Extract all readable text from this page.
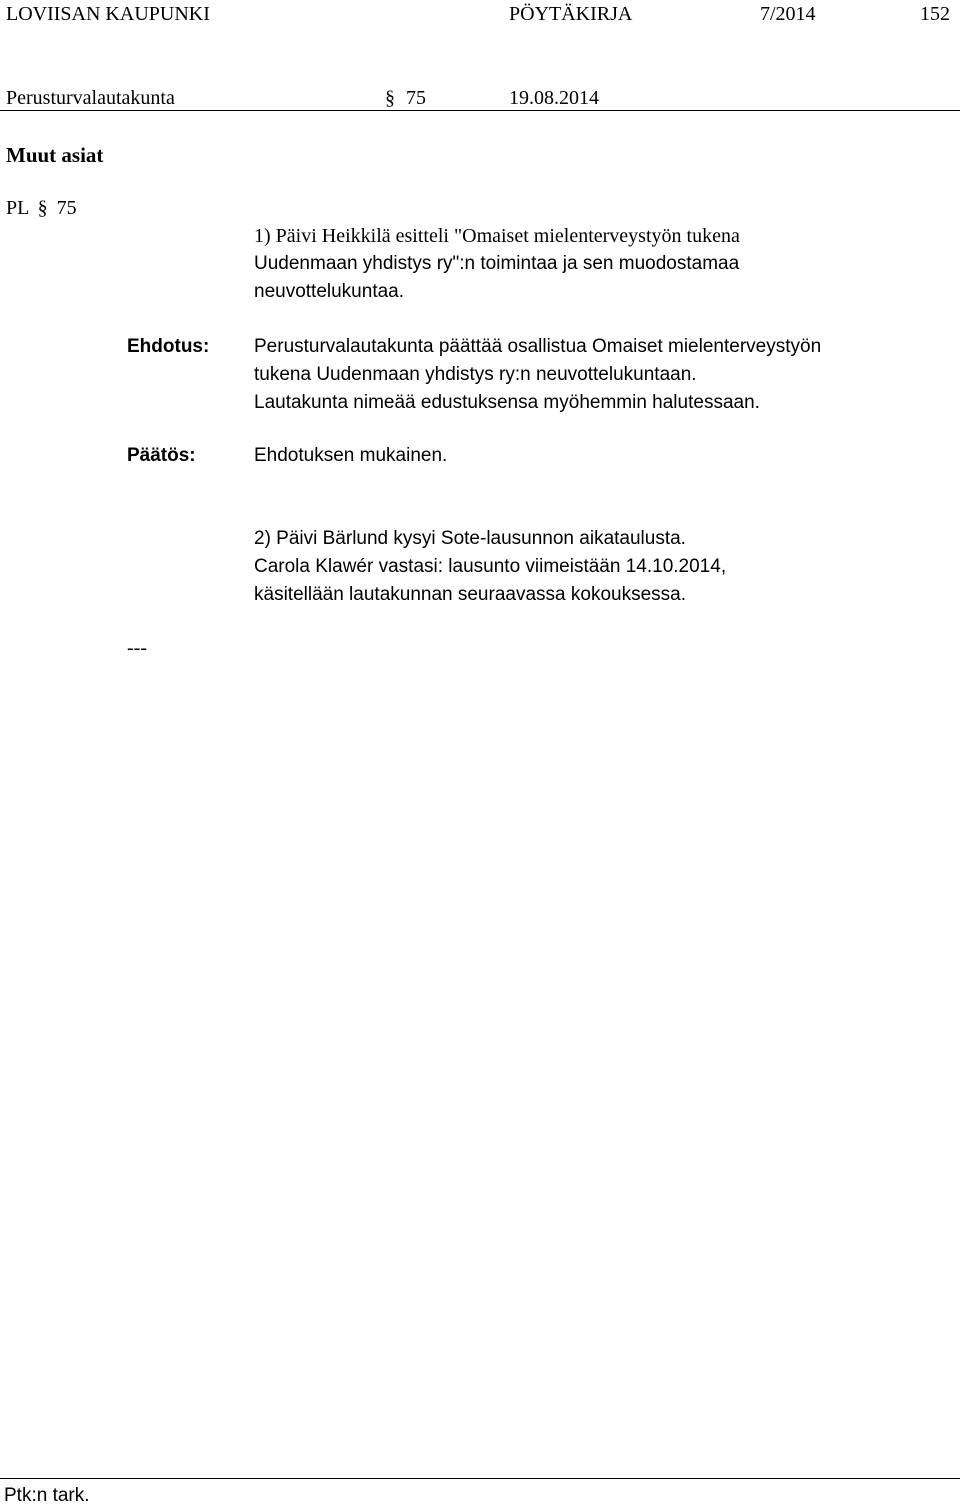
LOVIISAN KAUPUNKI	PÖYTÄKIRJA	7/2014	152
Perusturvalautakunta	§ 75	19.08.2014
Muut asiat
PL § 75
1) Päivi Heikkilä esitteli "Omaiset mielenterveystyön tukena
Uudenmaan yhdistys ry":n toimintaa ja sen muodostamaa
neuvottelukuntaa.
Ehdotus: Perusturvalautakunta päättää osallistua Omaiset mielenterveystyön
tukena Uudenmaan yhdistys ry:n neuvottelukuntaan.
Lautakunta nimeää edustuksensa myöhemmin halutessaan.
Päätös:	Ehdotuksen mukainen.
2) Päivi Bärlund kysyi Sote-lausunnon aikataulusta.
Carola Klawér vastasi: lausunto viimeistään 14.10.2014,
käsitellään lautakunnan seuraavassa kokouksessa.
---
Ptk:n tark.
